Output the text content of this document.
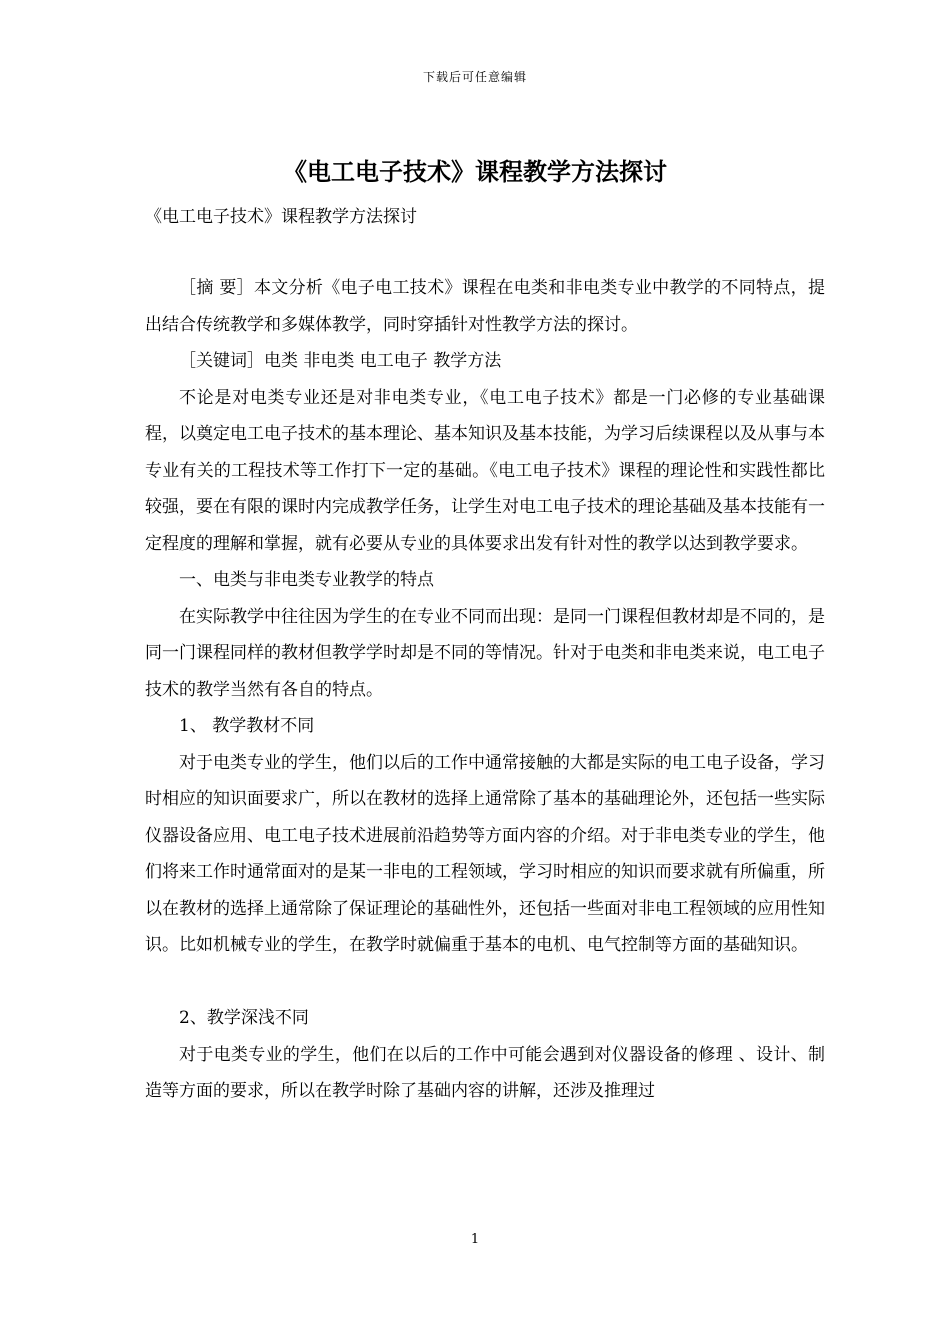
下载后可任意编辑
《电工电子技术》课程教学方法探讨
《电工电子技术》课程教学方法探讨

［摘 要］本文分析《电子电工技术》课程在电类和非电类专业中教学的不同特点，提出结合传统教学和多媒体教学，同时穿插针对性教学方法的探讨。

［关键词］电类 非电类 电工电子 教学方法

不论是对电类专业还是对非电类专业，《电工电子技术》都是一门必修的专业基础课程，以奠定电工电子技术的基本理论、基本知识及基本技能，为学习后续课程以及从事与本专业有关的工程技术等工作打下一定的基础。《电工电子技术》课程的理论性和实践性都比较强，要在有限的课时内完成教学任务，让学生对电工电子技术的理论基础及基本技能有一定程度的理解和掌握，就有必要从专业的具体要求出发有针对性的教学以达到教学要求。

一、电类与非电类专业教学的特点

在实际教学中往往因为学生的在专业不同而出现：是同一门课程但教材却是不同的，是同一门课程同样的教材但教学学时却是不同的等情况。针对于电类和非电类来说，电工电子技术的教学当然有各自的特点。

1、 教学教材不同

对于电类专业的学生，他们以后的工作中通常接触的大都是实际的电工电子设备，学习时相应的知识面要求广，所以在教材的选择上通常除了基本的基础理论外，还包括一些实际仪器设备应用、电工电子技术进展前沿趋势等方面内容的介绍。对于非电类专业的学生，他们将来工作时通常面对的是某一非电的工程领域，学习时相应的知识而要求就有所偏重，所以在教材的选择上通常除了保证理论的基础性外，还包括一些面对非电工程领域的应用性知识。比如机械专业的学生，在教学时就偏重于基本的电机、电气控制等方面的基础知识。

2、教学深浅不同

对于电类专业的学生，他们在以后的工作中可能会遇到对仪器设备的修理 、设计、制造等方面的要求，所以在教学时除了基础内容的讲解，还涉及推理过

1
